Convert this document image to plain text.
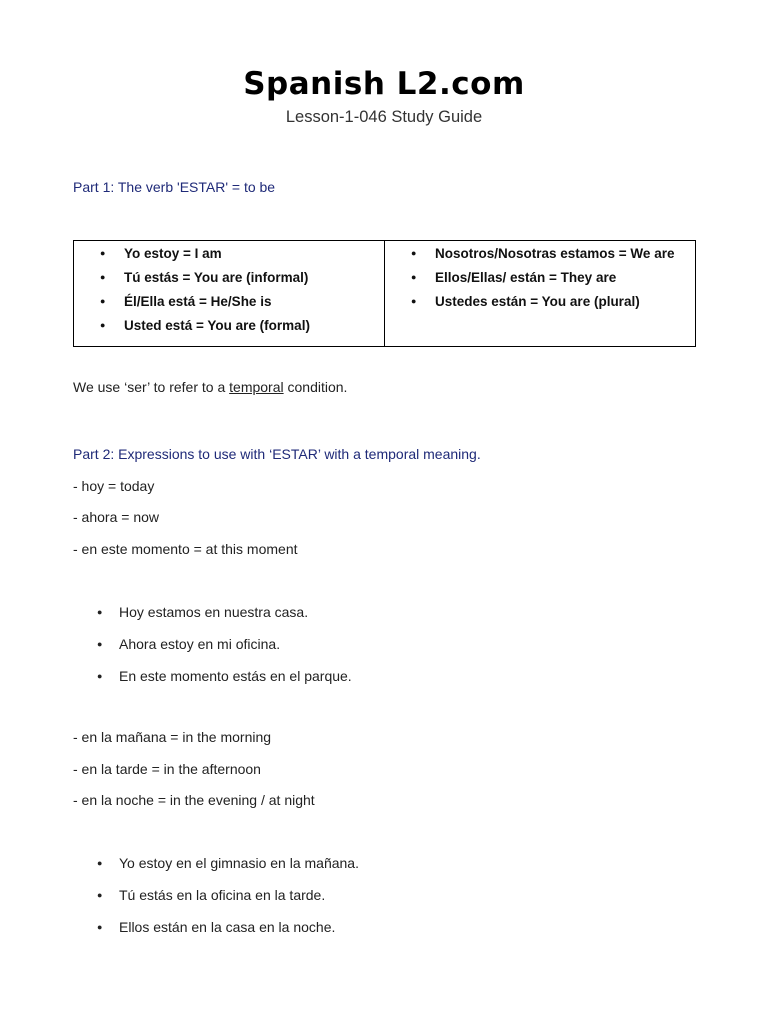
Spanish L2.com
Lesson-1-046 Study Guide
Part 1: The verb 'ESTAR' = to be
● Yo estoy = I am
● Tú estás = You are (informal)
● Él/Ella está = He/She is
● Usted está = You are (formal)

● Nosotros/Nosotras estamos = We are
● Ellos/Ellas/ están = They are
● Ustedes están = You are (plural)
We use ‘ser’ to refer to a temporal condition.
Part 2: Expressions to use with ‘ESTAR’ with a temporal meaning.
- hoy = today
- ahora = now
- en este momento = at this moment
● Hoy estamos en nuestra casa.
● Ahora estoy en mi oficina.
● En este momento estás en el parque.
- en la mañana = in the morning
- en la tarde = in the afternoon
- en la noche = in the evening / at night
● Yo estoy en el gimnasio en la mañana.
● Tú estás en la oficina en la tarde.
● Ellos están en la casa en la noche.
